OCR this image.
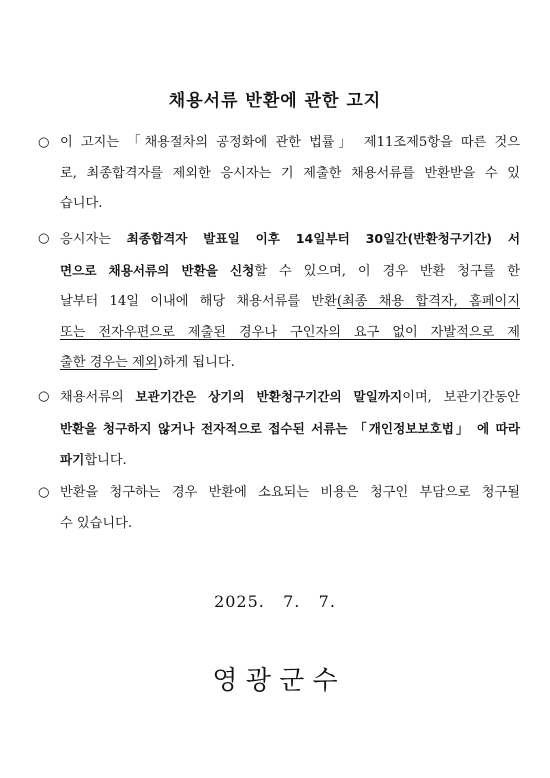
채용서류 반환에 관한 고지
○ 이 고지는 「채용절차의 공정화에 관한 법률」 제11조제5항을 따른 것으
로, 최종합격자를 제외한 응시자는 기 제출한 채용서류를 반환받을 수 있
습니다.
○ 응시자는 최종합격자 발표일 이후 14일부터 30일간(반환청구기간) 서
면으로 채용서류의 반환을 신청할 수 있으며, 이 경우 반환 청구를 한
날부터 14일 이내에 해당 채용서류를 반환(최종 채용 합격자, 홈페이지
또는 전자우편으로 제출된 경우나 구인자의 요구 없이 자발적으로 제
출한 경우는 제외)하게 됩니다.
○ 채용서류의 보관기간은 상기의 반환청구기간의 말일까지이며, 보관기간동안
반환을 청구하지 않거나 전자적으로 접수된 서류는 「개인정보보호법」 에 따라
파기합니다.
○ 반환을 청구하는 경우 반환에 소요되는 비용은 청구인 부담으로 청구될
수 있습니다.
2025.   7.   7.
영 광 군 수
